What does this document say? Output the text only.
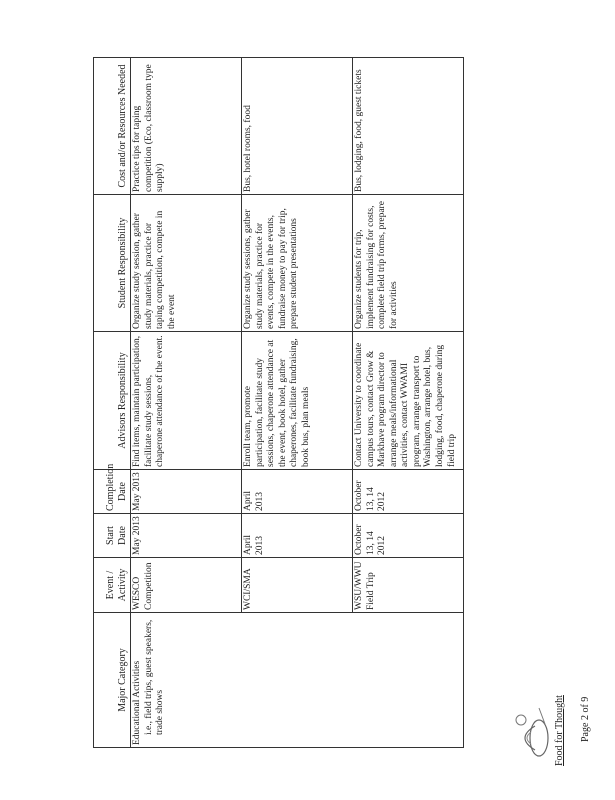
Food for Thought Page 2 of 9
Major Category	Event / Activity	Start Date	Completion Date	Advisors Responsibility	Student Responsibility	Cost and/or Resources Needed

Educational Activities i.e., field trips, guest speakers, trade shows	WESCO Competition	May 2013	May 2013	Find items, maintain participation, facilitate study sessions, chaperone attendance of the event.	Organize study session, gather study materials, practice for taping competition, compete in the event	Practice tips for taping competition (Eco, classroom type supply)
	WCI/SMA	April 2013	April 2013	Enroll team, promote participation, facilitate study sessions, chaperone attendance at the event, book hotel, gather chaperones, facilitate fundraising, book bus, plan meals	Organize study sessions, gather study materials, practice for events, compete in the events, fundraise money to pay for trip, prepare student presentations	Bus, hotel rooms, food
	WSU/WWU Field Trip	October 13, 14 2012	October 13, 14 2012	Contact University to coordinate campus tours, contact Grow & Markhave program director to arrange meals/informational activities, contact WWAMI program, arrange transport to Washington, arrange hotel, bus, lodging, food, chaperone during field trip	Organize students for trip, implement fundraising for costs, complete field trip forms, prepare for activities	Bus, lodging, food, guest tickets
